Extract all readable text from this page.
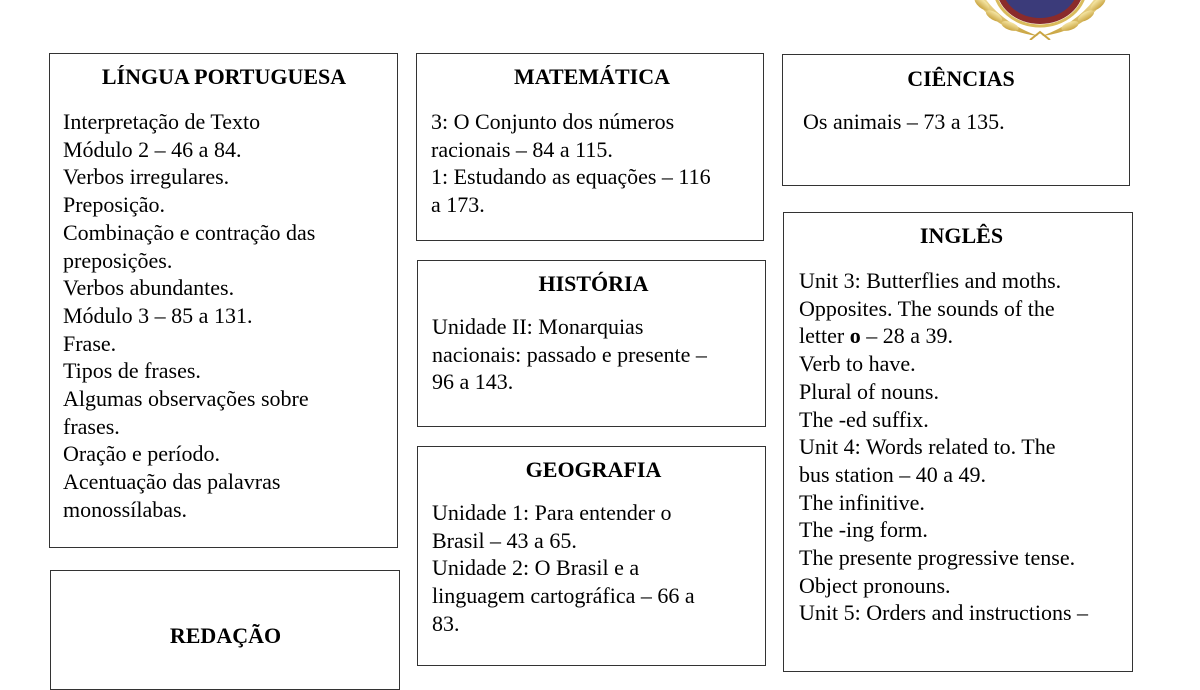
LÍNGUA PORTUGUESA
Interpretação de Texto
Módulo 2 – 46 a 84.
Verbos irregulares.
Preposição.
Combinação e contração das
preposições.
Verbos abundantes.
Módulo 3 – 85 a 131.
Frase.
Tipos de frases.
Algumas observações sobre
frases.
Oração e período.
Acentuação das palavras
monossílabas.
REDAÇÃO
MATEMÁTICA
3: O Conjunto dos números
racionais – 84 a 115.
1: Estudando as equações – 116
a 173.
HISTÓRIA
Unidade II: Monarquias
nacionais: passado e presente –
96 a 143.
GEOGRAFIA
Unidade 1: Para entender o
Brasil – 43 a 65.
Unidade 2: O Brasil e a
linguagem cartográfica – 66 a
83.
CIÊNCIAS
Os animais – 73 a 135.
INGLÊS
Unit 3: Butterflies and moths.
Opposites. The sounds of the
letter o – 28 a 39.
Verb to have.
Plural of nouns.
The -ed suffix.
Unit 4: Words related to. The
bus station – 40 a 49.
The infinitive.
The -ing form.
The presente progressive tense.
Object pronouns.
Unit 5: Orders and instructions –
